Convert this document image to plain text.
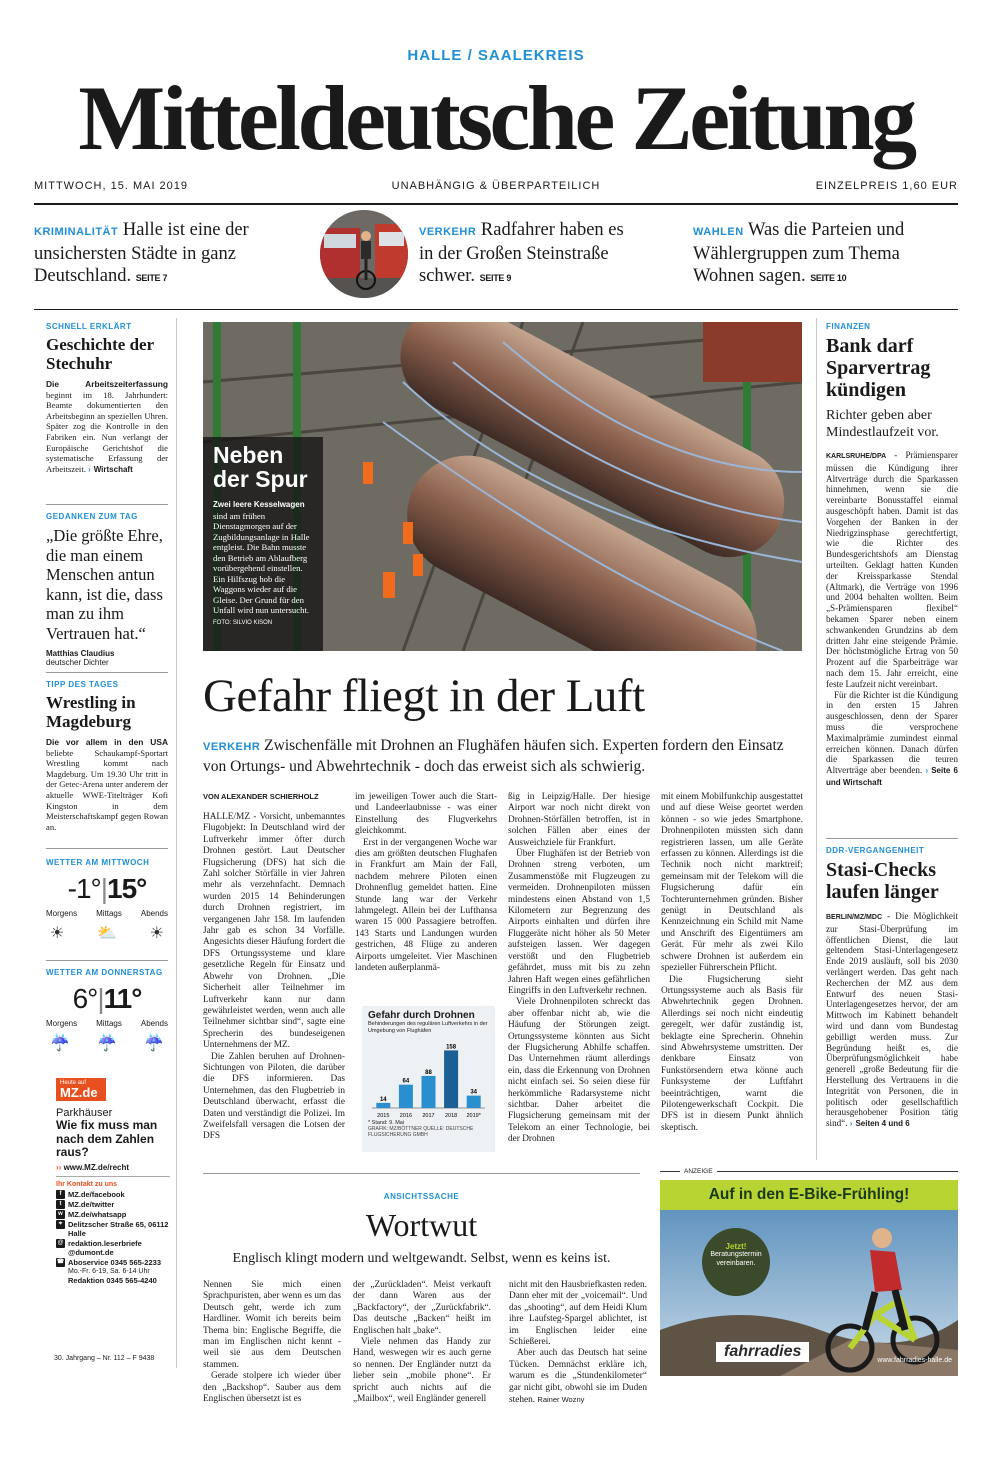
HALLE / SAALEKREIS
Mitteldeutsche Zeitung
MITTWOCH, 15. MAI 2019	UNABHÄNGIG & ÜBERPARTEILICH	EINZELPREIS 1,60 EUR
KRIMINALITÄT Halle ist eine der unsichersten Städte in ganz Deutschland. SEITE 7
VERKEHR Radfahrer haben es in der Großen Steinstraße schwer. SEITE 9
WAHLEN Was die Parteien und Wählergruppen zum Thema Wohnen sagen. SEITE 10
SCHNELL ERKLÄRT
Geschichte der Stechuhr
Die Arbeitszeiterfassung beginnt im 18. Jahrhundert: Beamte dokumentierten den Arbeitsbeginn an speziellen Uhren. Später zog die Kontrolle in den Fabriken ein. Nun verlangt der Europäische Gerichtshof die systematische Erfassung der Arbeitszeit. › Wirtschaft
GEDANKEN ZUM TAG
„Die größte Ehre, die man einem Menschen antun kann, ist die, dass man zu ihm Vertrauen hat.“
Matthias Claudius
deutscher Dichter
TIPP DES TAGES
Wrestling in Magdeburg
Die vor allem in den USA beliebte Schaukampf-Sportart Wrestling kommt nach Magdeburg. Um 19.30 Uhr tritt in der Getec-Arena unter anderem der aktuelle WWE-Titelträger Kofi Kingston in dem Meisterschaftskampf gegen Rowan an.
WETTER AM MITTWOCH
-1°|15°
Morgens Mittags Abends
☀ ⛅ ☀
WETTER AM DONNERSTAG
6°|11°
Morgens Mittags Abends
☔ ☔ ☔
Heute auf
MZ.de
Parkhäuser
Wie fix muss man nach dem Zahlen raus?
›› www.MZ.de/recht
Ihr Kontakt zu uns
f MZ.de/facebook
t MZ.de/twitter
w MZ.de/whatsapp
⌖ Delitzscher Straße 65, 06112 Halle
@ redaktion.leserbriefe @dumont.de
☎ Aboservice 0345 565-2233
Mo.-Fr. 6-19, Sa. 6-14 Uhr
Redaktion 0345 565-4240
30. Jahrgang – Nr. 112 – F 9438
Neben der Spur
Zwei leere Kesselwagen sind am frühen Dienstagmorgen auf der Zugbildungsanlage in Halle entgleist. Die Bahn musste den Betrieb am Ablaufberg vorübergehend einstellen. Ein Hilfszug hob die Waggons wieder auf die Gleise. Der Grund für den Unfall wird nun untersucht. FOTO: SILVIO KISON
Gefahr fliegt in der Luft
VERKEHR Zwischenfälle mit Drohnen an Flughäfen häufen sich. Experten fordern den Einsatz von Ortungs- und Abwehrtechnik - doch das erweist sich als schwierig.
VON ALEXANDER SCHIERHOLZ

HALLE/MZ - Vorsicht, unbemanntes Flugobjekt: In Deutschland wird der Luftverkehr immer öfter durch Drohnen gestört. Laut Deutscher Flugsicherung (DFS) hat sich die Zahl solcher Störfälle in vier Jahren mehr als verzehnfacht. Demnach wurden 2015 14 Behinderungen durch Drohnen registriert, im vergangenen Jahr 158. Im laufenden Jahr gab es schon 34 Vorfälle. Angesichts dieser Häufung fordert die DFS Ortungssysteme und klare gesetzliche Regeln für Einsatz und Abwehr von Drohnen. „Die Sicherheit aller Teilnehmer im Luftverkehr kann nur dann gewährleistet werden, wenn auch alle Teilnehmer sichtbar sind“, sagte eine Sprecherin des bundeseigenen Unternehmens der MZ.

Die Zahlen beruhen auf Drohnen-Sichtungen von Piloten, die darüber die DFS informieren. Das Unternehmen, das den Flugbetrieb in Deutschland überwacht, erfasst die Daten und verständigt die Polizei. Im Zweifelsfall versagen die Lotsen der DFS

im jeweiligen Tower auch die Start- und Landeerlaubnisse - was einer Einstellung des Flugverkehrs gleichkommt.

Erst in der vergangenen Woche war dies am größten deutschen Flughafen in Frankfurt am Main der Fall, nachdem mehrere Piloten einen Drohnenflug gemeldet hatten. Eine Stunde lang war der Verkehr lahmgelegt. Allein bei der Lufthansa waren 15 000 Passagiere betroffen. 143 Starts und Landungen wurden gestrichen, 48 Flüge zu anderen Airports umgeleitet. Vier Maschinen landeten außerplanmä-

Gefahr durch Drohnen
Behinderungen des regulären Luftverkehrs in der Umgebung von Flughäfen
14
2015
64
2016
88
2017
158
2018
34
2019*
* Stand: 9. Mai
GRAFIK: MZ/BÖTTNER QUELLE: DEUTSCHE FLUGSICHERUNG GMBH

ßig in Leipzig/Halle. Der hiesige Airport war noch nicht direkt von Drohnen-Störfällen betroffen, ist in solchen Fällen aber eines der Ausweichziele für Frankfurt.

Über Flughäfen ist der Betrieb von Drohnen streng verboten, um Zusammenstöße mit Flugzeugen zu vermeiden. Drohnenpiloten müssen mindestens einen Abstand von 1,5 Kilometern zur Begrenzung des Airports einhalten und dürfen ihre Fluggeräte nicht höher als 50 Meter aufsteigen lassen. Wer dagegen verstößt und den Flugbetrieb gefährdet, muss mit bis zu zehn Jahren Haft wegen eines gefährlichen Eingriffs in den Luftverkehr rechnen.

Viele Drohnenpiloten schreckt das aber offenbar nicht ab, wie die Häufung der Störungen zeigt. Ortungssysteme könnten aus Sicht der Flugsicherung Abhilfe schaffen. Das Unternehmen räumt allerdings ein, dass die Erkennung von Drohnen nicht einfach sei. So seien diese für herkömmliche Radarsysteme nicht sichtbar. Daher arbeitet die Flugsicherung gemeinsam mit der Telekom an einer Technologie, bei der Drohnen

mit einem Mobilfunkchip ausgestattet und auf diese Weise geortet werden können - so wie jedes Smartphone. Drohnenpiloten müssten sich dann registrieren lassen, um alle Geräte erfassen zu können. Allerdings ist die Technik noch nicht marktreif; gemeinsam mit der Telekom will die Flugsicherung dafür ein Tochterunternehmen gründen. Bisher genügt in Deutschland als Kennzeichnung ein Schild mit Name und Anschrift des Eigentümers am Gerät. Für mehr als zwei Kilo schwere Drohnen ist außerdem ein spezieller Führerschein Pflicht.

Die Flugsicherung sieht Ortungssysteme auch als Basis für Abwehrtechnik gegen Drohnen. Allerdings sei noch nicht eindeutig geregelt, wer dafür zuständig ist, beklagte eine Sprecherin. Ohnehin sind Abwehrsysteme umstritten. Der denkbare Einsatz von Funkstörsendern etwa könne auch Funksysteme der Luftfahrt beeinträchtigen, warnt die Pilotengewerkschaft Cockpit. Die DFS ist in diesem Punkt ähnlich skeptisch.

FINANZEN
Bank darf Sparvertrag kündigen
Richter geben aber Mindestlaufzeit vor.

KARLSRUHE/DPA - Prämiensparer müssen die Kündigung ihrer Altverträge durch die Sparkassen hinnehmen, wenn sie die vereinbarte Bonusstaffel einmal ausgeschöpft haben. Damit ist das Vorgehen der Banken in der Niedrigzinsphase gerechtfertigt, wie die Richter des Bundesgerichtshofs am Dienstag urteilten. Geklagt hatten Kunden der Kreissparkasse Stendal (Altmark), die Verträge von 1996 und 2004 behalten wollten. Beim „S-Prämiensparen flexibel“ bekamen Sparer neben einem schwankenden Grundzins ab dem dritten Jahr eine steigende Prämie. Der höchstmögliche Ertrag von 50 Prozent auf die Sparbeiträge war nach dem 15. Jahr erreicht, eine feste Laufzeit nicht vereinbart.

Für die Richter ist die Kündigung in den ersten 15 Jahren ausgeschlossen, denn der Sparer muss die versprochene Maximalprämie zumindest einmal erreichen können. Danach dürfen die Sparkassen die teuren Altverträge aber beenden. › Seite 6 und Wirtschaft

DDR-VERGANGENHEIT
Stasi-Checks laufen länger
BERLIN/MZ/MDC - Die Möglichkeit zur Stasi-Überprüfung im öffentlichen Dienst, die laut geltendem Stasi-Unterlagengesetz Ende 2019 ausläuft, soll bis 2030 verlängert werden. Das geht nach Recherchen der MZ aus dem Entwurf des neuen Stasi-Unterlagengesetzes hervor, der am Mittwoch im Kabinett behandelt wird und dann vom Bundestag gebilligt werden muss. Zur Begründung heißt es, die Überprüfungsmöglichkeit habe generell „große Bedeutung für die Herstellung des Vertrauens in die Integrität von Personen, die in politisch oder gesellschaftlich herausgehobener Position tätig sind“. › Seiten 4 und 6
ANSICHTSSACHE
Wortwut
Englisch klingt modern und weltgewandt. Selbst, wenn es keins ist.

Nennen Sie mich einen Sprachpuristen, aber wenn es um das Deutsch geht, werde ich zum Hardliner. Womit ich bereits beim Thema bin: Englische Begriffe, die man im Englischen nicht kennt - weil sie aus dem Deutschen stammen.

Gerade stolpere ich wieder über den „Backshop“. Sauber aus dem Englischen übersetzt ist es

der „Zurückladen“. Meist verkauft der dann Waren aus der „Backfactory“, der „Zurückfabrik“. Das deutsche „Backen“ heißt im Englischen halt „bake“.

Viele nehmen das Handy zur Hand, weswegen wir es auch gerne so nennen. Der Engländer nutzt da lieber sein „mobile phone“. Er spricht auch nichts auf die „Mailbox“, weil Engländer generell

nicht mit den Hausbriefkasten reden. Dann eher mit der „voicemail“. Und das „shooting“, auf dem Heidi Klum ihre Laufsteg-Spargel ablichtet, ist im Englischen leider eine Schießerei.

Aber auch das Deutsch hat seine Tücken. Demnächst erkläre ich, warum es die „Stundenkilometer“ gar nicht gibt, obwohl sie im Duden stehen. Rainer Wozny

ANZEIGE
Auf in den E-Bike-Frühling!
Jetzt!
Beratungstermin vereinbaren.
fahrradies
www.fahrradies-halle.de
